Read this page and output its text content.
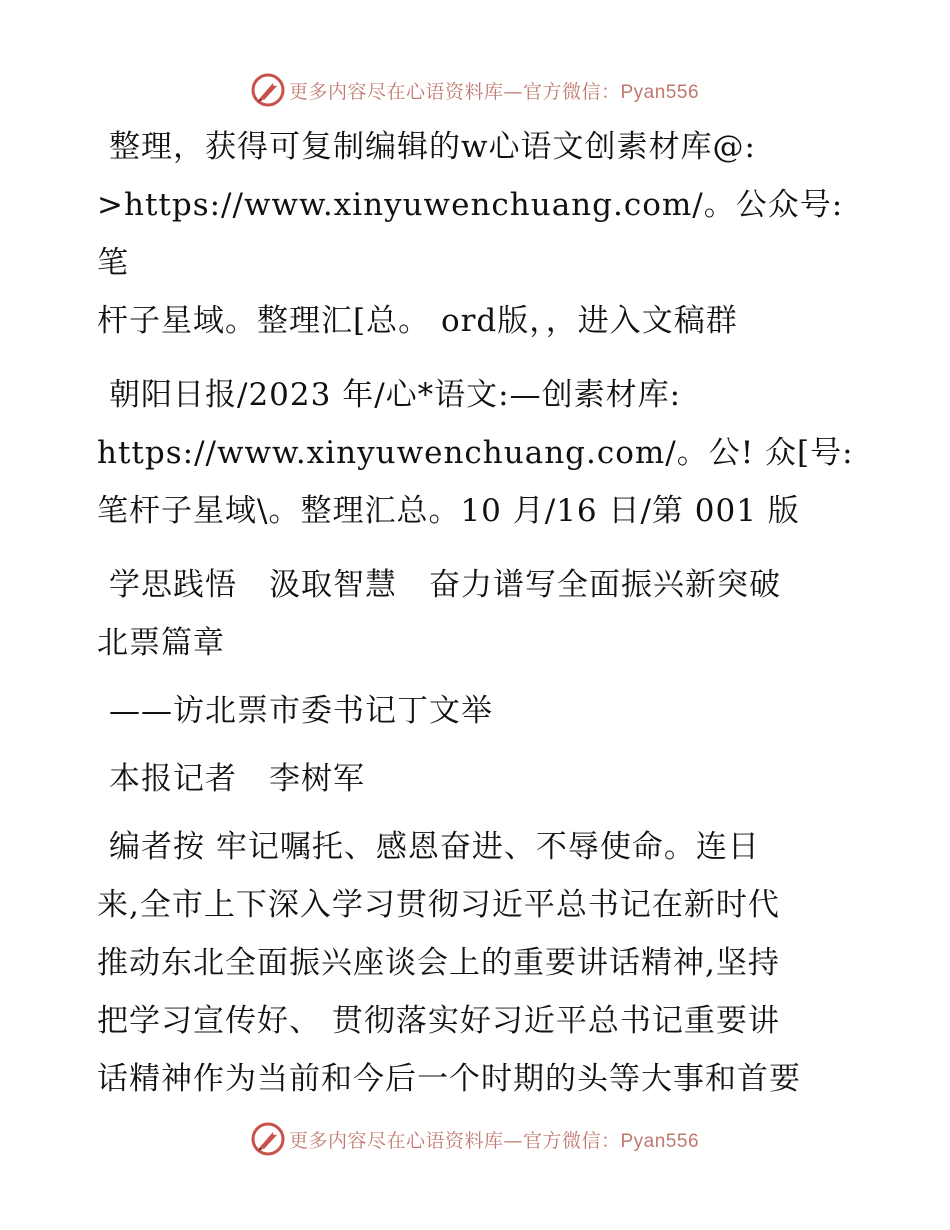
更多内容尽在心语资料库—官方微信：Pyan556

整理，获得可复制编辑的w心语文创素材库@:
>https://www.xinyuwenchuang.com/。公众号: 笔
杆子星域。整理汇[总。 ord版，，进入文稿群

朝阳日报/2023 年/心*语文:—创素材库:
https://www.xinyuwenchuang.com/。公! 众[号:
笔杆子星域\。整理汇总。10 月/16 日/第 001 版

学思践悟　汲取智慧　奋力谱写全面振兴新突破
北票篇章

——访北票市委书记丁文举

本报记者　李树军

编者按 牢记嘱托、感恩奋进、不辱使命。连日
来,全市上下深入学习贯彻习近平总书记在新时代
推动东北全面振兴座谈会上的重要讲话精神,坚持
把学习宣传好、 贯彻落实好习近平总书记重要讲
话精神作为当前和今后一个时期的头等大事和首要

更多内容尽在心语资料库—官方微信：Pyan556
